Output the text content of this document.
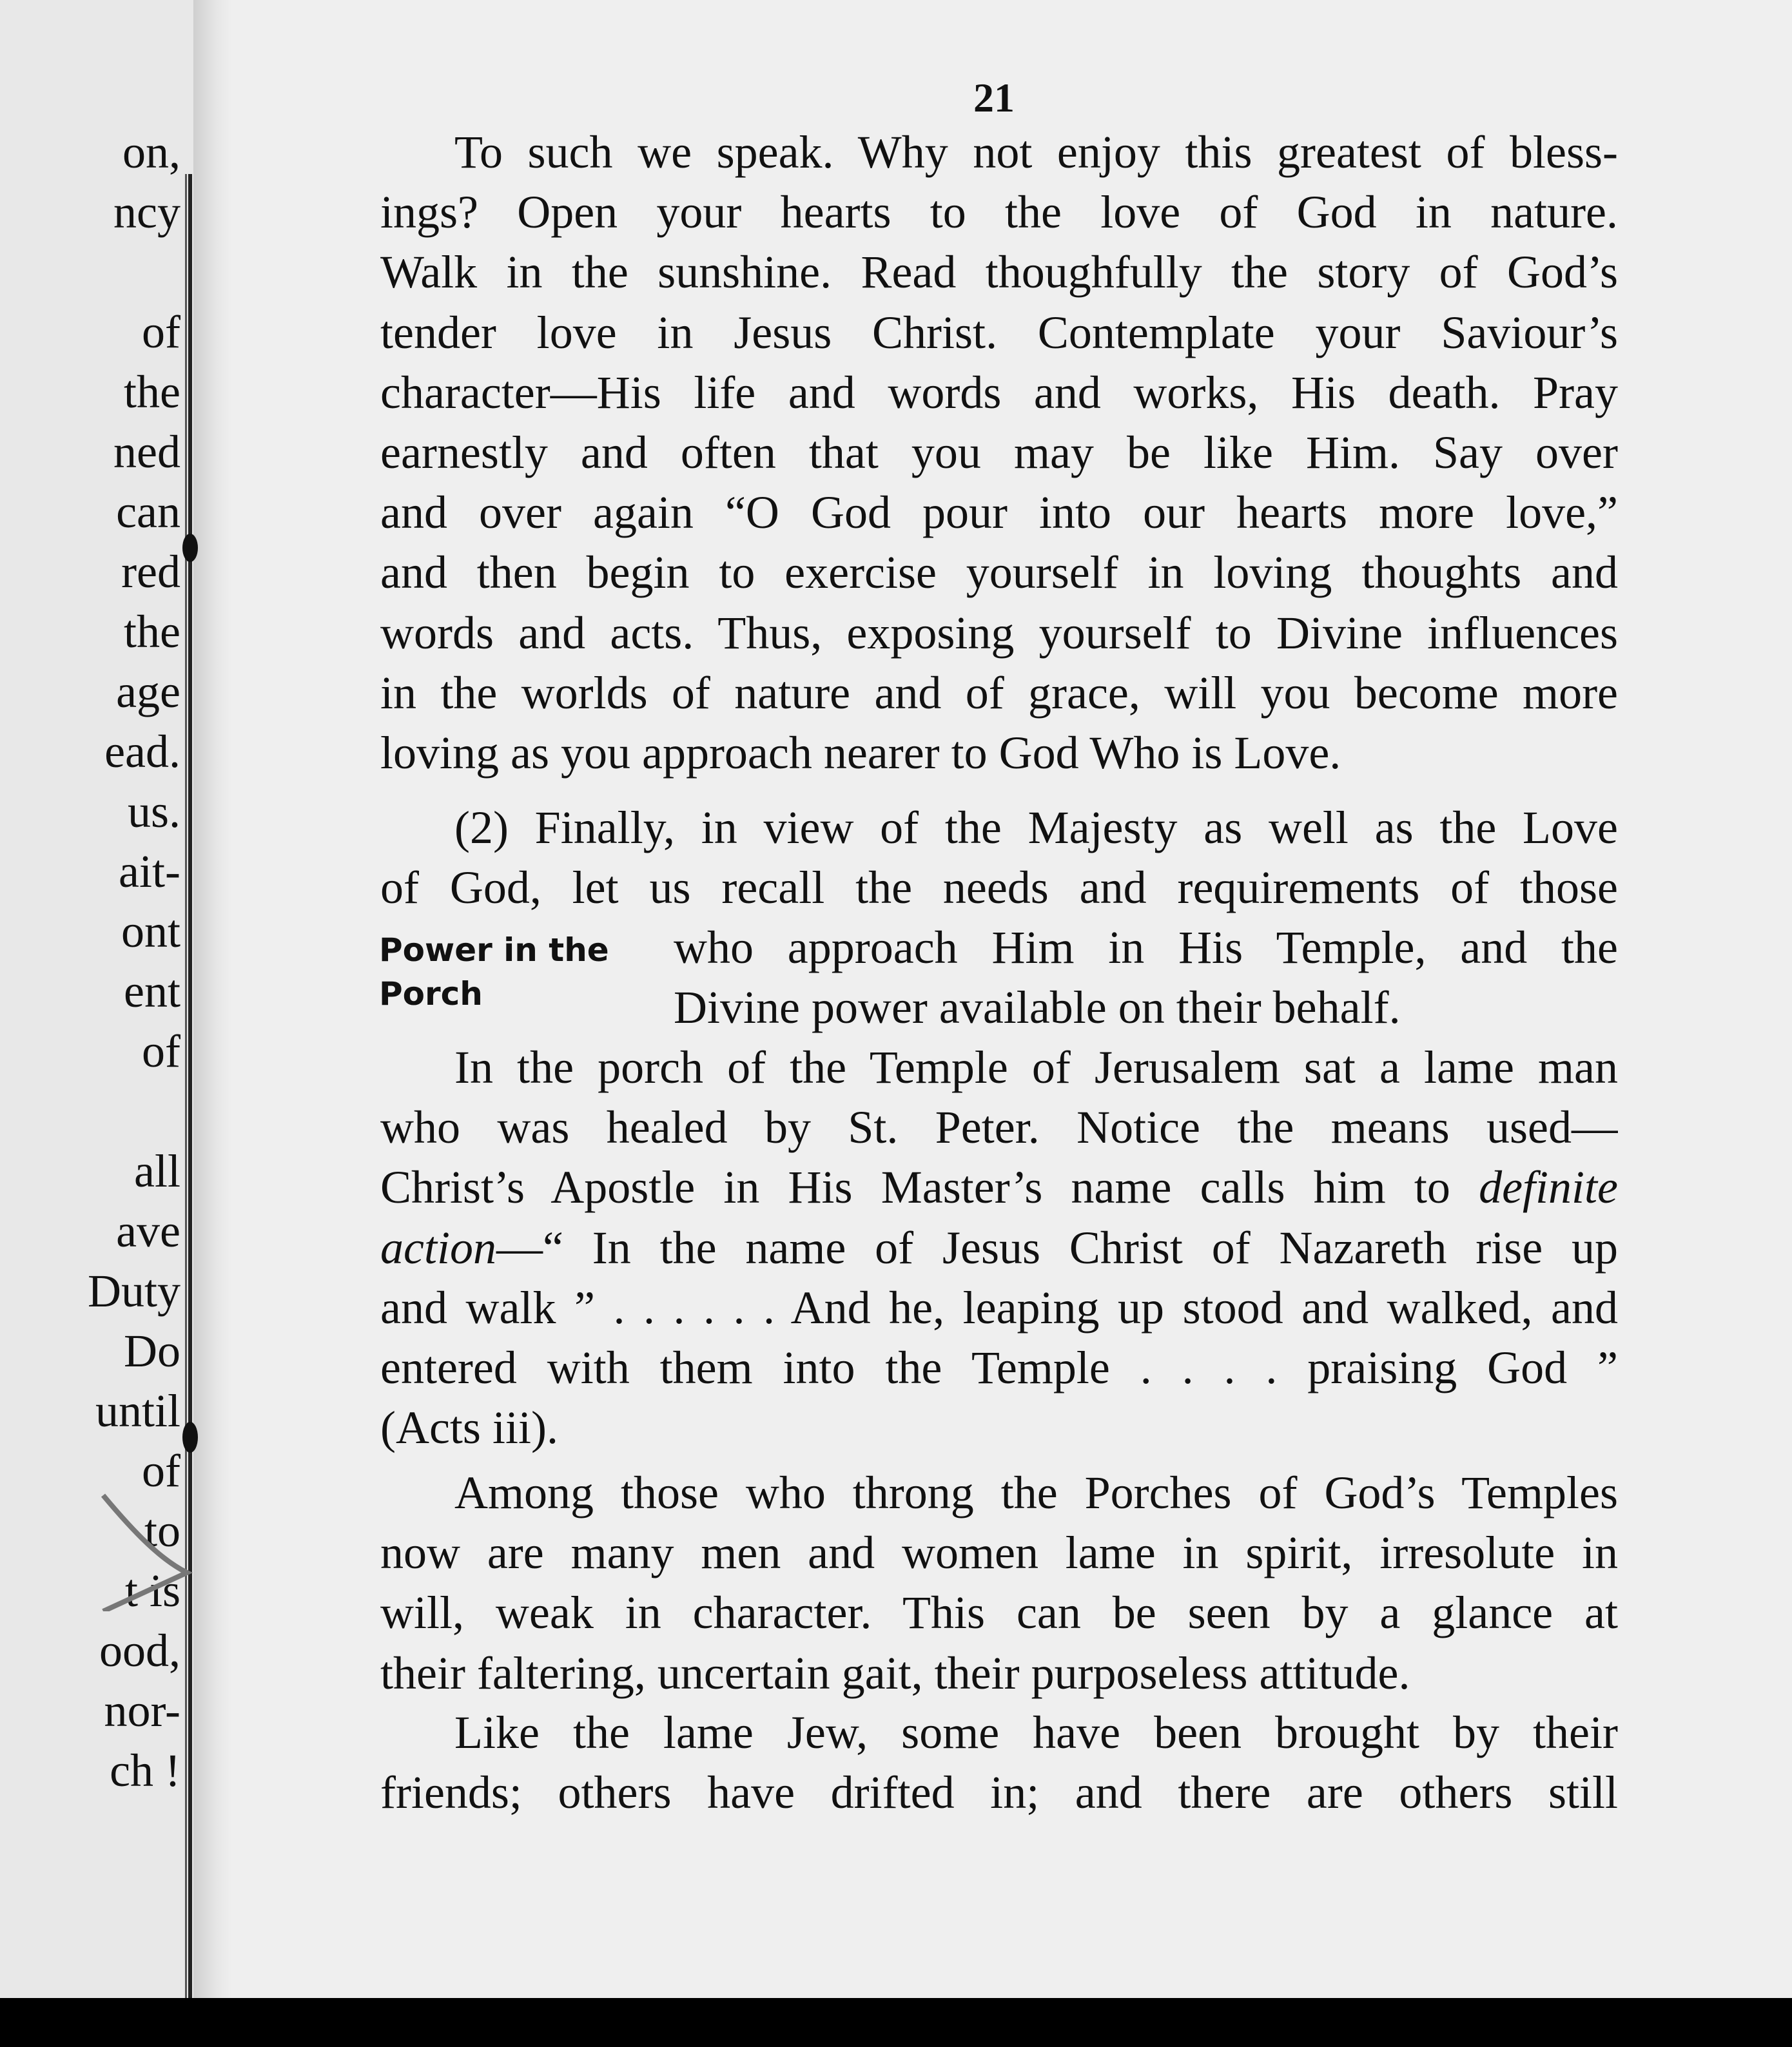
on,
ncy
of
the
ned
can
red
the
age
ead.
us.
ait-
ont
ent
of
all
ave
Duty
Do
until
of
to
t is
ood,
nor-
ch !
21
To such we speak. Why not enjoy this greatest of bless-
ings? Open your hearts to the love of God in nature.
Walk in the sunshine. Read thoughfully the story of God’s
tender love in Jesus Christ. Contemplate your Saviour’s
character—His life and words and works, His death. Pray
earnestly and often that you may be like Him. Say over
and over again “O God pour into our hearts more love,”
and then begin to exercise yourself in loving thoughts and
words and acts. Thus, exposing yourself to Divine influences
in the worlds of nature and of grace, will you become more
loving as you approach nearer to God Who is Love.
(2) Finally, in view of the Majesty as well as the Love
of God, let us recall the needs and requirements of those
Power in the
Porch
who approach Him in His Temple, and the
Divine power available on their behalf.
In the porch of the Temple of Jerusalem sat a lame man
who was healed by St. Peter. Notice the means used—
Christ’s Apostle in His Master’s name calls him to definite
action—“ In the name of Jesus Christ of Nazareth rise up
and walk ” . . . . . . And he, leaping up stood and walked, and
entered with them into the Temple . . . . praising God ”
(Acts iii).
Among those who throng the Porches of God’s Temples
now are many men and women lame in spirit, irresolute in
will, weak in character. This can be seen by a glance at
their faltering, uncertain gait, their purposeless attitude.
Like the lame Jew, some have been brought by their
friends; others have drifted in; and there are others still
